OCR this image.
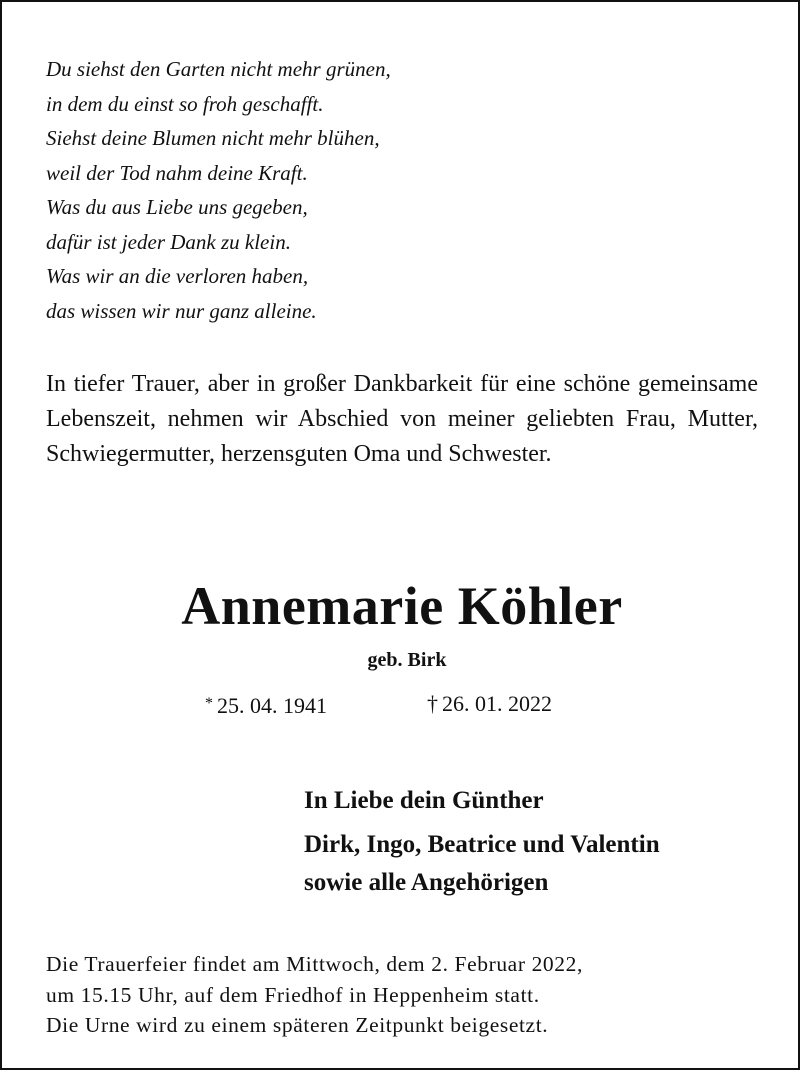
Du siehst den Garten nicht mehr grünen,
in dem du einst so froh geschafft.
Siehst deine Blumen nicht mehr blühen,
weil der Tod nahm deine Kraft.
Was du aus Liebe uns gegeben,
dafür ist jeder Dank zu klein.
Was wir an die verloren haben,
das wissen wir nur ganz alleine.

In tiefer Trauer, aber in großer Dankbarkeit für eine schöne gemeinsame Lebenszeit, nehmen wir Abschied von meiner geliebten Frau, Mutter, Schwiegermutter, herzensguten Oma und Schwester.

Annemarie Köhler
geb. Birk
* 25. 04. 1941	† 26. 01. 2022
In Liebe dein Günther
Dirk, Ingo, Beatrice und Valentin
sowie alle Angehörigen
Die Trauerfeier findet am Mittwoch, dem 2. Februar 2022,
um 15.15 Uhr, auf dem Friedhof in Heppenheim statt.
Die Urne wird zu einem späteren Zeitpunkt beigesetzt.
